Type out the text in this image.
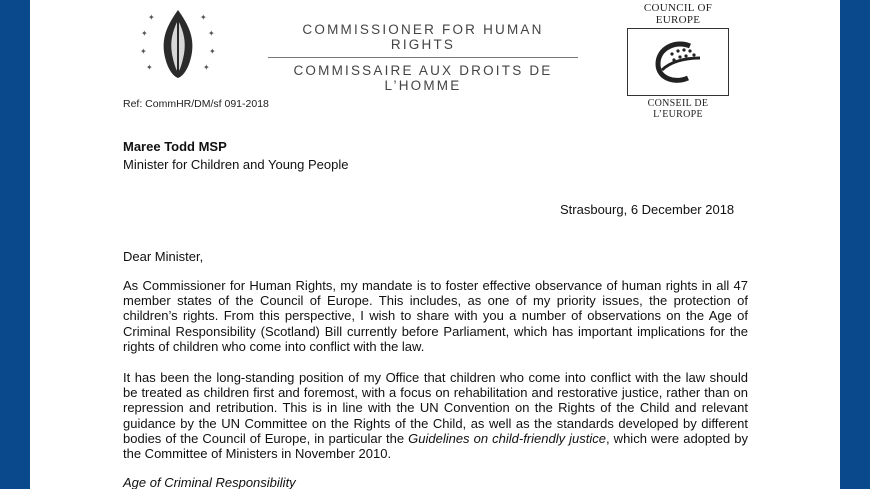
✦
✦
✦
✦
✦
✦
✦
✦
COMMISSIONER FOR HUMAN RIGHTS
COMMISSAIRE AUX DROITS DE L’HOMME
COUNCIL OF EUROPE
CONSEIL DE L’EUROPE
Ref: CommHR/DM/sf 091-2018
Maree Todd MSP
Minister for Children and Young People
Strasbourg, 6 December 2018
Dear Minister,
As Commissioner for Human Rights, my mandate is to foster effective observance of human rights in all 47 member states of the Council of Europe. This includes, as one of my priority issues, the protection of children’s rights. From this perspective, I wish to share with you a number of observations on the Age of Criminal Responsibility (Scotland) Bill currently before Parliament, which has important implications for the rights of children who come into conflict with the law.
It has been the long-standing position of my Office that children who come into conflict with the law should be treated as children first and foremost, with a focus on rehabilitation and restorative justice, rather than on repression and retribution. This is in line with the UN Convention on the Rights of the Child and relevant guidance by the UN Committee on the Rights of the Child, as well as the standards developed by different bodies of the Council of Europe, in particular the Guidelines on child-friendly justice, which were adopted by the Committee of Ministers in November 2010.
Age of Criminal Responsibility
